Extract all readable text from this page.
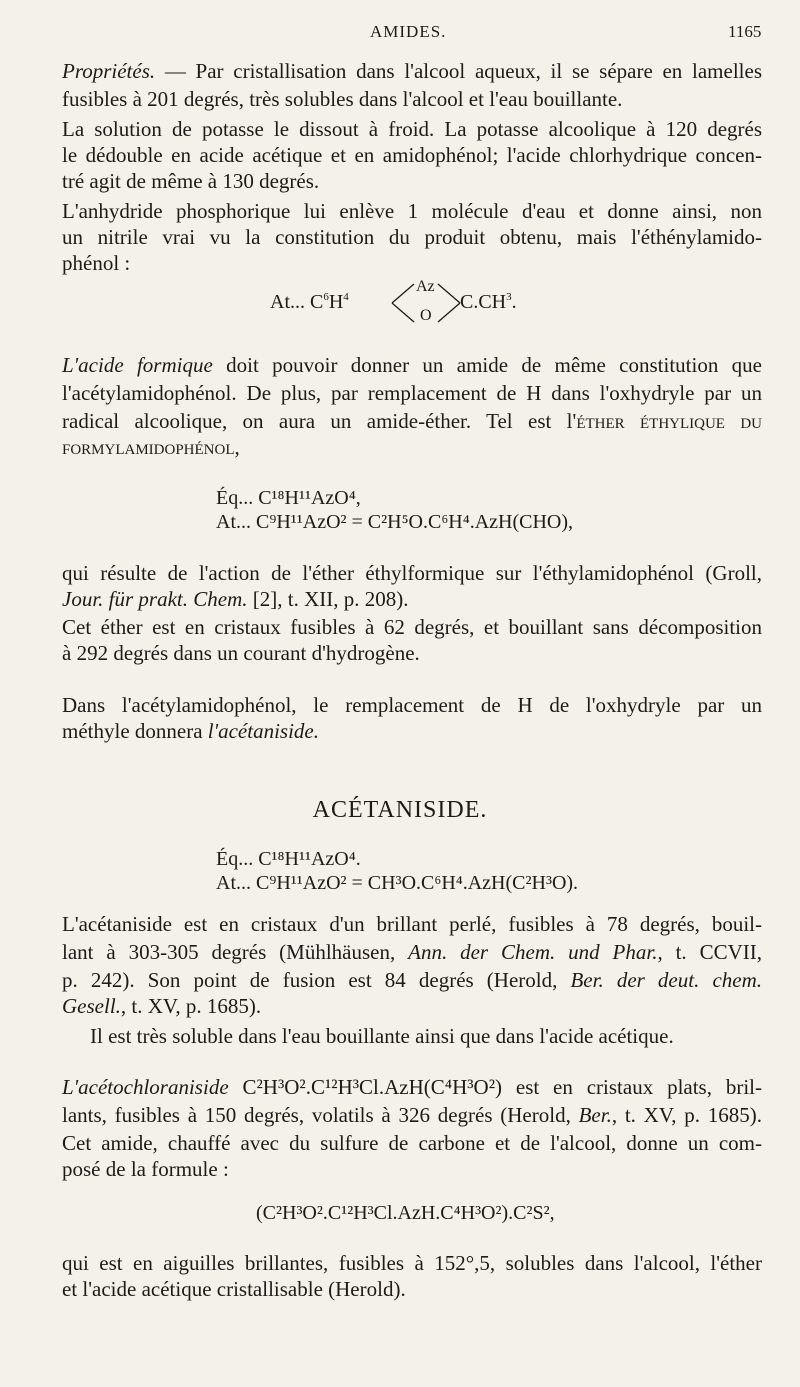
AMIDES.	1165
Propriétés. — Par cristallisation dans l'alcool aqueux, il se sépare en lamelles
fusibles à 201 degrés, très solubles dans l'alcool et l'eau bouillante.
La solution de potasse le dissout à froid. La potasse alcoolique à 120 degrés
le dédouble en acide acétique et en amidophénol; l'acide chlorhydrique concen-
tré agit de même à 130 degrés.
L'anhydride phosphorique lui enlève 1 molécule d'eau et donne ainsi, non
un nitrile vrai vu la constitution du produit obtenu, mais l'éthénylamido-
phénol :
At... $C^6H^4$
Az
O
$C.CH^3$.
L'acide formique doit pouvoir donner un amide de même constitution que
l'acétylamidophénol. De plus, par remplacement de H dans l'oxhydryle par un
radical alcoolique, on aura un amide-éther. Tel est l'éther éthylique du
formylamidophénol,
Éq... C¹⁸H¹¹AzO⁴,
At... C⁹H¹¹AzO² = C²H⁵O.C⁶H⁴.AzH(CHO),
qui résulte de l'action de l'éther éthylformique sur l'éthylamidophénol (Groll,
Jour. für prakt. Chem. [2], t. XII, p. 208).
Cet éther est en cristaux fusibles à 62 degrés, et bouillant sans décomposition
à 292 degrés dans un courant d'hydrogène.
Dans l'acétylamidophénol, le remplacement de H de l'oxhydryle par un
méthyle donnera l'acétaniside.
ACÉTANISIDE.
Éq... C¹⁸H¹¹AzO⁴.
At... C⁹H¹¹AzO² = CH³O.C⁶H⁴.AzH(C²H³O).
L'acétaniside est en cristaux d'un brillant perlé, fusibles à 78 degrés, bouil-
lant à 303-305 degrés (Mühlhäusen, Ann. der Chem. und Phar., t. CCVII,
p. 242). Son point de fusion est 84 degrés (Herold, Ber. der deut. chem.
Gesell., t. XV, p. 1685).
Il est très soluble dans l'eau bouillante ainsi que dans l'acide acétique.
L'acétochloraniside C²H³O².C¹²H³Cl.AzH(C⁴H³O²) est en cristaux plats, bril-
lants, fusibles à 150 degrés, volatils à 326 degrés (Herold, Ber., t. XV, p. 1685).
Cet amide, chauffé avec du sulfure de carbone et de l'alcool, donne un com-
posé de la formule :
(C²H³O².C¹²H³Cl.AzH.C⁴H³O²).C²S²,
qui est en aiguilles brillantes, fusibles à 152°,5, solubles dans l'alcool, l'éther
et l'acide acétique cristallisable (Herold).
